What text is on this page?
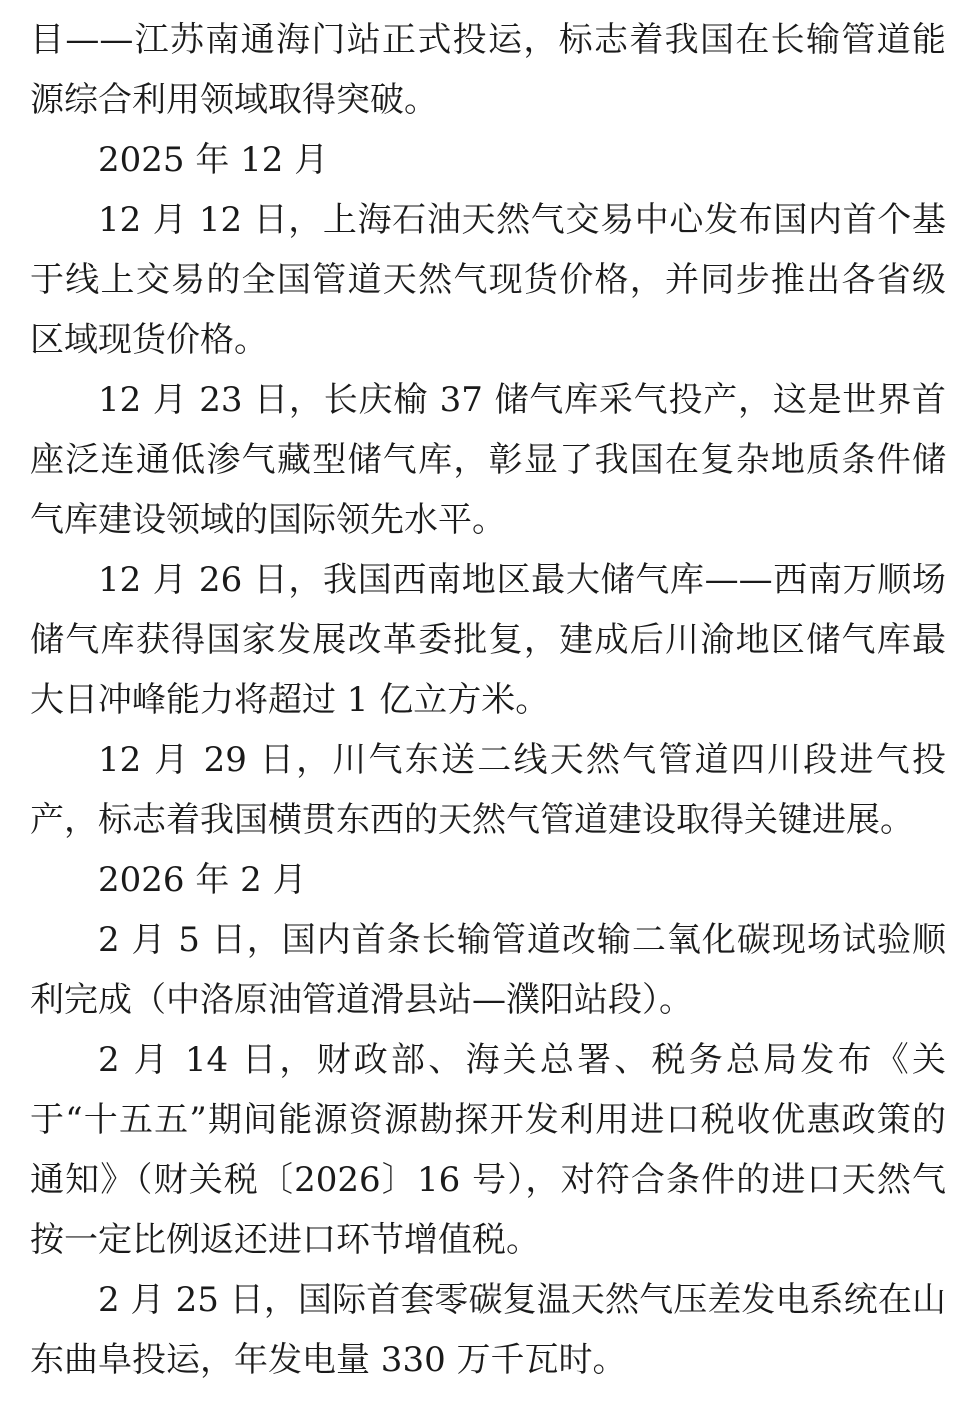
目——江苏南通海门站正式投运，标志着我国在长输管道能源综合利用领域取得突破。

2025 年 12 月

12 月 12 日，上海石油天然气交易中心发布国内首个基于线上交易的全国管道天然气现货价格，并同步推出各省级区域现货价格。

12 月 23 日，长庆榆 37 储气库采气投产，这是世界首座泛连通低渗气藏型储气库，彰显了我国在复杂地质条件储气库建设领域的国际领先水平。

12 月 26 日，我国西南地区最大储气库——西南万顺场储气库获得国家发展改革委批复，建成后川渝地区储气库最大日冲峰能力将超过 1 亿立方米。

12 月 29 日，川气东送二线天然气管道四川段进气投产，标志着我国横贯东西的天然气管道建设取得关键进展。

2026 年 2 月

2 月 5 日，国内首条长输管道改输二氧化碳现场试验顺利完成（中洛原油管道滑县站—濮阳站段）。

2 月 14 日，财政部、海关总署、税务总局发布《关于“十五五”期间能源资源勘探开发利用进口税收优惠政策的通知》（财关税〔2026〕16 号），对符合条件的进口天然气按一定比例返还进口环节增值税。

2 月 25 日，国际首套零碳复温天然气压差发电系统在山东曲阜投运，年发电量 330 万千瓦时。
